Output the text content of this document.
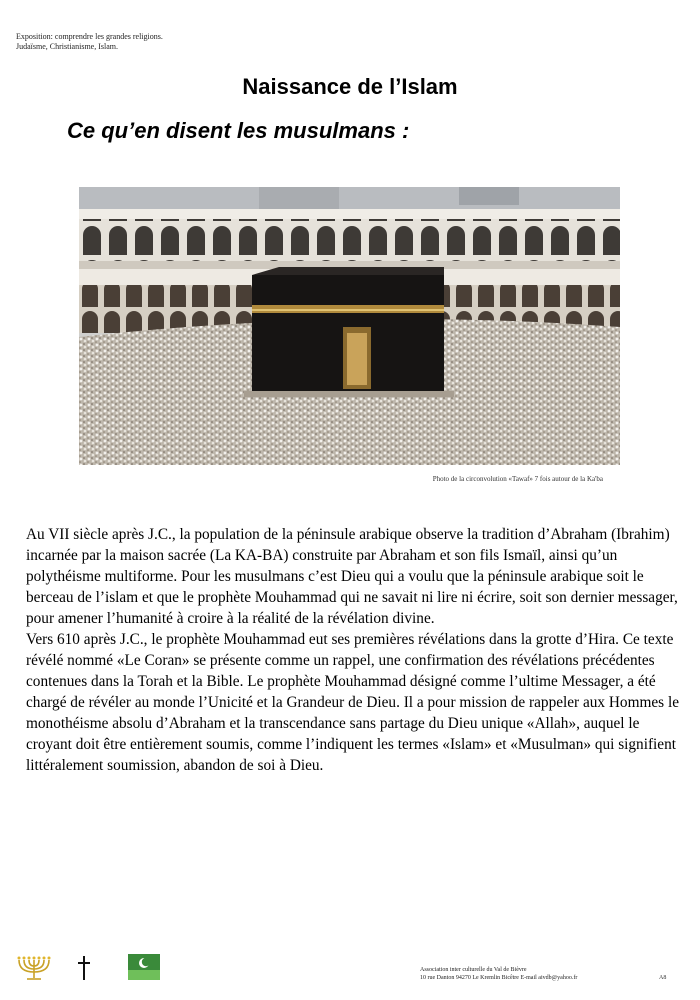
Exposition: comprendre les grandes religions.
Judaïsme, Christianisme, Islam.
Naissance de l’Islam
Ce qu’en disent les musulmans :
Photo de la circonvolution «Tawaf» 7 fois autour de la Ka'ba

Au VII siècle après J.C., la population de la péninsule arabique observe la tradition d’Abraham (Ibrahim) incarnée par la maison sacrée (La KA-BA) construite par Abraham et son fils Ismaïl, ainsi qu’un polythéisme multiforme. Pour les musulmans c’est Dieu qui a voulu que la péninsule arabique soit le berceau de l’islam et que le prophète Mouhammad qui ne savait ni lire ni écrire, soit son dernier messager, pour amener l’humanité à croire à la réalité de la révélation divine.

Vers 610 après J.C., le prophète Mouhammad eut ses premières révélations dans la grotte d’Hira. Ce texte révélé nommé «Le Coran» se présente comme un rappel, une confirmation des révélations précédentes contenues dans la Torah et la Bible. Le prophète Mouhammad désigné comme l’ultime Messager, a été chargé de révéler au monde l’Unicité et la Grandeur de Dieu. Il a pour mission de rappeler aux Hommes le monothéisme absolu d’Abraham et la transcendance sans partage du Dieu unique «Allah», auquel le croyant doit être entièrement soumis, comme l’indiquent les termes «Islam» et «Musulman» qui signifient littéralement soumission, abandon de soi à Dieu.

Association inter culturelle du Val de Bièvre
10 rue Danton 94270 Le Kremlin Bicêtre E-mail aivdb@yahoo.fr	A8
